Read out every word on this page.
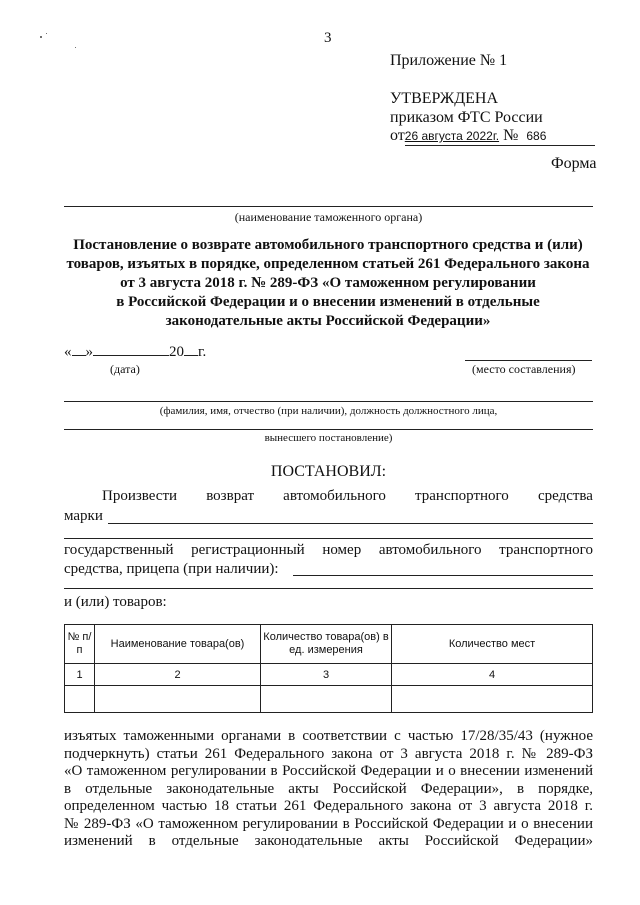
3
Приложение № 1
УТВЕРЖДЕНА
приказом ФТС России
от26 августа 2022г. № 686
Форма
(наименование таможенного органа)
Постановление о возврате автомобильного транспортного средства и (или)
товаров, изъятых в порядке, определенном статьей 261 Федерального закона
от 3 августа 2018 г. № 289-ФЗ «О таможенном регулировании
в Российской Федерации и о внесении изменений в отдельные
законодательные акты Российской Федерации»
« »	20 г.
(дата)	(место составления)
(фамилия, имя, отчество (при наличии), должность должностного лица,
вынесшего постановление)
ПОСТАНОВИЛ:
Произвести возврат автомобильного транспортного средства
марки
государственный регистрационный номер автомобильного транспортного
средства, прицепа (при наличии):
и (или) товаров:
№ п/п	Наименование товара(ов)	Количество товара(ов) в ед. измерения	Количество мест
1	2	3	4

изъятых таможенными органами в соответствии с частью 17/28/35/43 (нужное
подчеркнуть) статьи 261 Федерального закона от 3 августа 2018 г. № 289-ФЗ
«О таможенном регулировании в Российской Федерации и о внесении изменений
в отдельные законодательные акты Российской Федерации», в порядке,
определенном частью 18 статьи 261 Федерального закона от 3 августа 2018 г.
№ 289-ФЗ «О таможенном регулировании в Российской Федерации и о внесении
изменений в отдельные законодательные акты Российской Федерации»
